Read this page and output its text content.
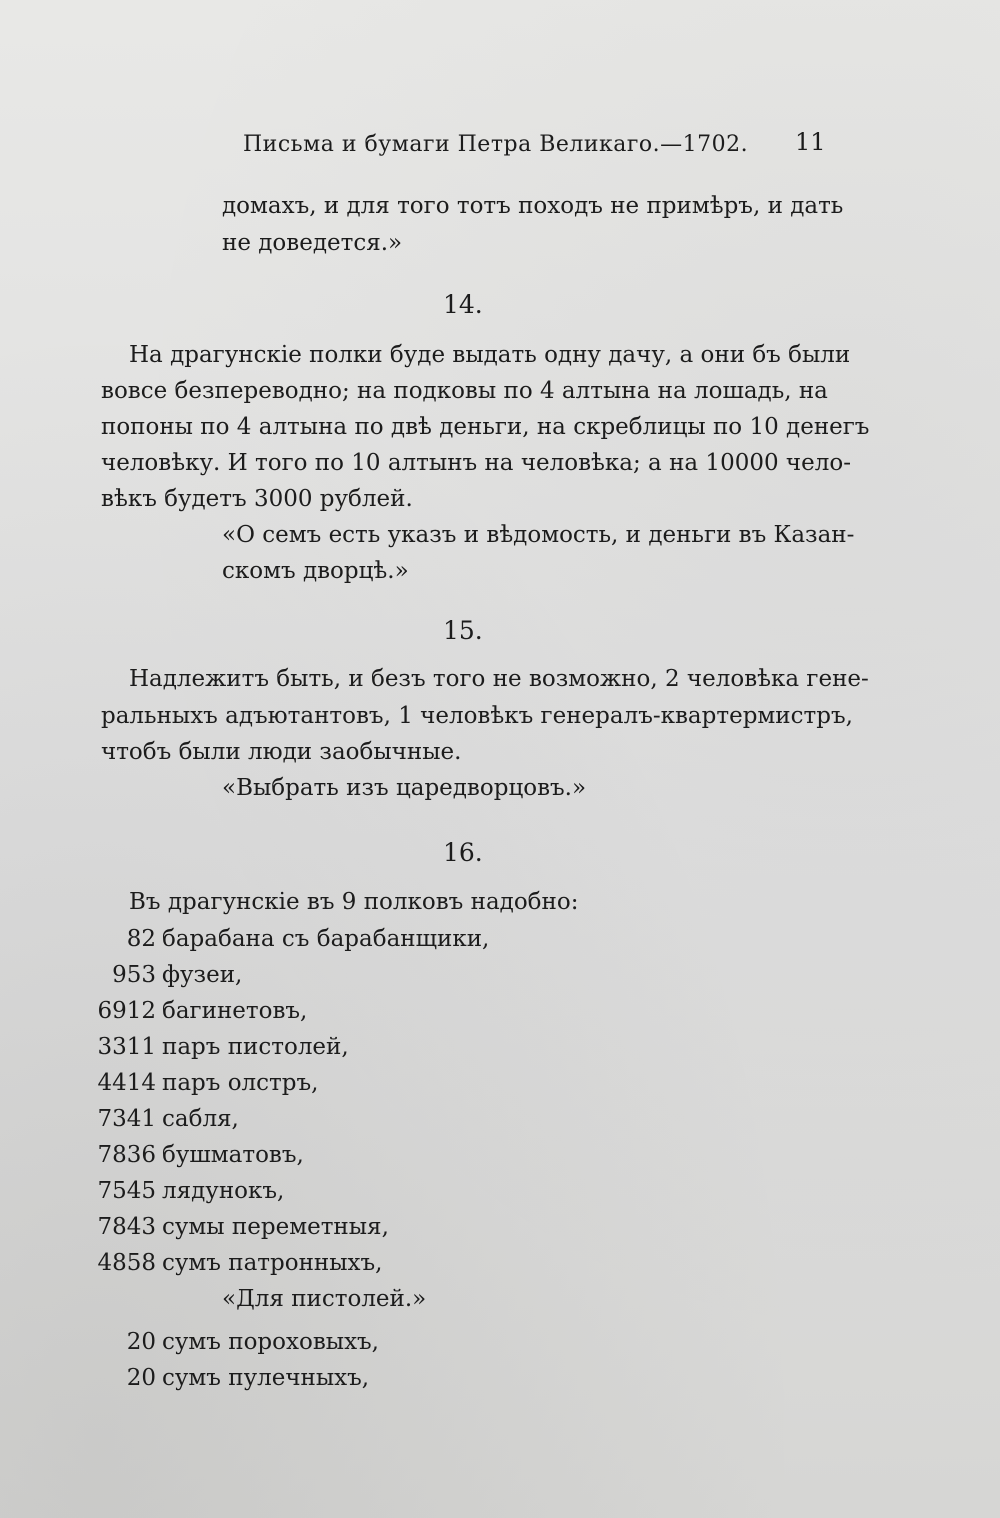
Письма и бумаги Петра Великаго.—1702. 11
домахъ, и для того тотъ походъ не примѣръ, и дать
не доведется.»
14.
На драгунскіе полки буде выдать одну дачу, а они бъ были
вовсе безпереводно; на подковы по 4 алтына на лошадь, на
попоны по 4 алтына по двѣ деньги, на скреблицы по 10 денегъ
человѣку. И того по 10 алтынъ на человѣка; а на 10000 чело-
вѣкъ будетъ 3000 рублей.
«О семъ есть указъ и вѣдомость, и деньги въ Казан-
скомъ дворцѣ.»
15.
Надлежитъ быть, и безъ того не возможно, 2 человѣка гене-
ральныхъ адъютантовъ, 1 человѣкъ генералъ-квартермистръ,
чтобъ были люди заобычные.
«Выбрать изъ царедворцовъ.»
16.
Въ драгунскіе въ 9 полковъ надобно:
82 барабана съ барабанщики,
953 фузеи,
6912 багинетовъ,
3311 паръ пистолей,
4414 паръ олстръ,
7341 сабля,
7836 бушматовъ,
7545 лядунокъ,
7843 сумы переметныя,
4858 сумъ патронныхъ,
«Для пистолей.»
20 сумъ пороховыхъ,
20 сумъ пулечныхъ,
